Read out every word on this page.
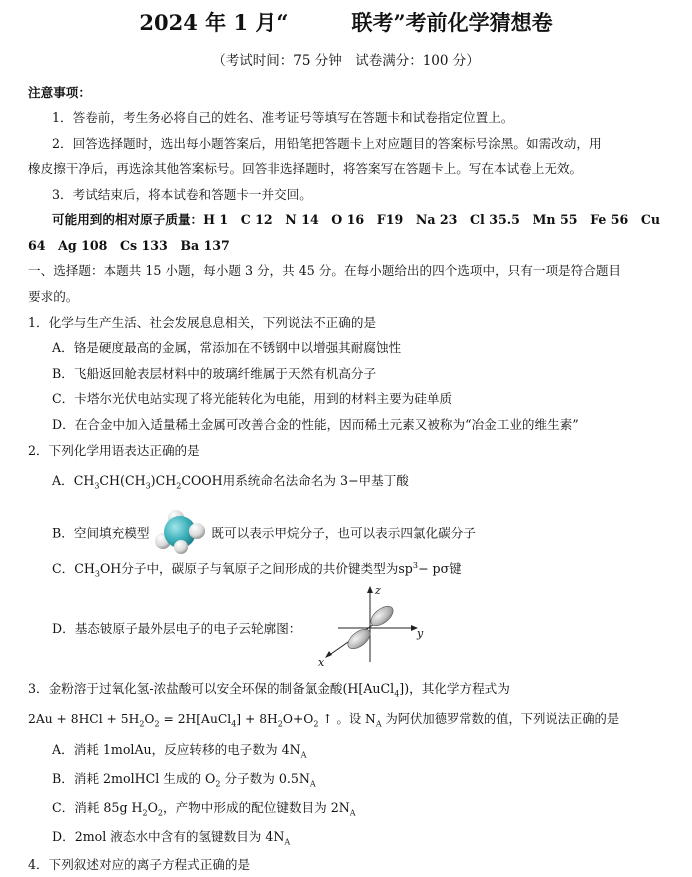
2024 年 1 月“　　　联考”考前化学猜想卷
（考试时间：75 分钟　试卷满分：100 分）
注意事项：
1．答卷前，考生务必将自己的姓名、准考证号等填写在答题卡和试卷指定位置上。
2．回答选择题时，选出每小题答案后，用铅笔把答题卡上对应题目的答案标号涂黑。如需改动，用
橡皮擦干净后，再选涂其他答案标号。回答非选择题时，将答案写在答题卡上。写在本试卷上无效。
3．考试结束后，将本试卷和答题卡一并交回。
可能用到的相对原子质量：H 1　C 12　N 14　O 16　F19　Na 23　Cl 35.5　Mn 55　Fe 56　Cu
64　Ag 108　Cs 133　Ba 137
一、选择题：本题共 15 小题，每小题 3 分，共 45 分。在每小题给出的四个选项中，只有一项是符合题目
要求的。
1．化学与生产生活、社会发展息息相关，下列说法不正确的是
A．铬是硬度最高的金属，常添加在不锈钢中以增强其耐腐蚀性
B．飞船返回舱表层材料中的玻璃纤维属于天然有机高分子
C．卡塔尔光伏电站实现了将光能转化为电能，用到的材料主要为硅单质
D．在合金中加入适量稀土金属可改善合金的性能，因而稀土元素又被称为“冶金工业的维生素”
2．下列化学用语表达正确的是
A．$CH_3CH(CH_3)CH_2COOH$用系统命名法命名为 3−甲基丁酸
B．空间填充模型	既可以表示甲烷分子，也可以表示四氯化碳分子
C．$CH_3OH$分子中，碳原子与氧原子之间形成的共价键类型为$sp^3- p\sigma$键
D．基态铍原子最外层电子的电子云轮廓图：
z
y
x
3．金粉溶于过氧化氢-浓盐酸可以安全环保的制备氯金酸(H[AuCl$_4$])，其化学方程式为
$2Au + 8HCl + 5H_2O_2$ = 2H[AuCl$_4$] + $8H_2O+O_2$ ↑ 。设 $N_A$ 为阿伏加德罗常数的值，下列说法正确的是
A．消耗 1molAu，反应转移的电子数为 $4N_A$
B．消耗 2molHCl 生成的 $O_2$ 分子数为 $0.5N_A$
C．消耗 85g $H_2O_2$，产物中形成的配位键数目为 $2N_A$
D．2mol 液态水中含有的氢键数目为 $4N_A$
4．下列叙述对应的离子方程式正确的是
